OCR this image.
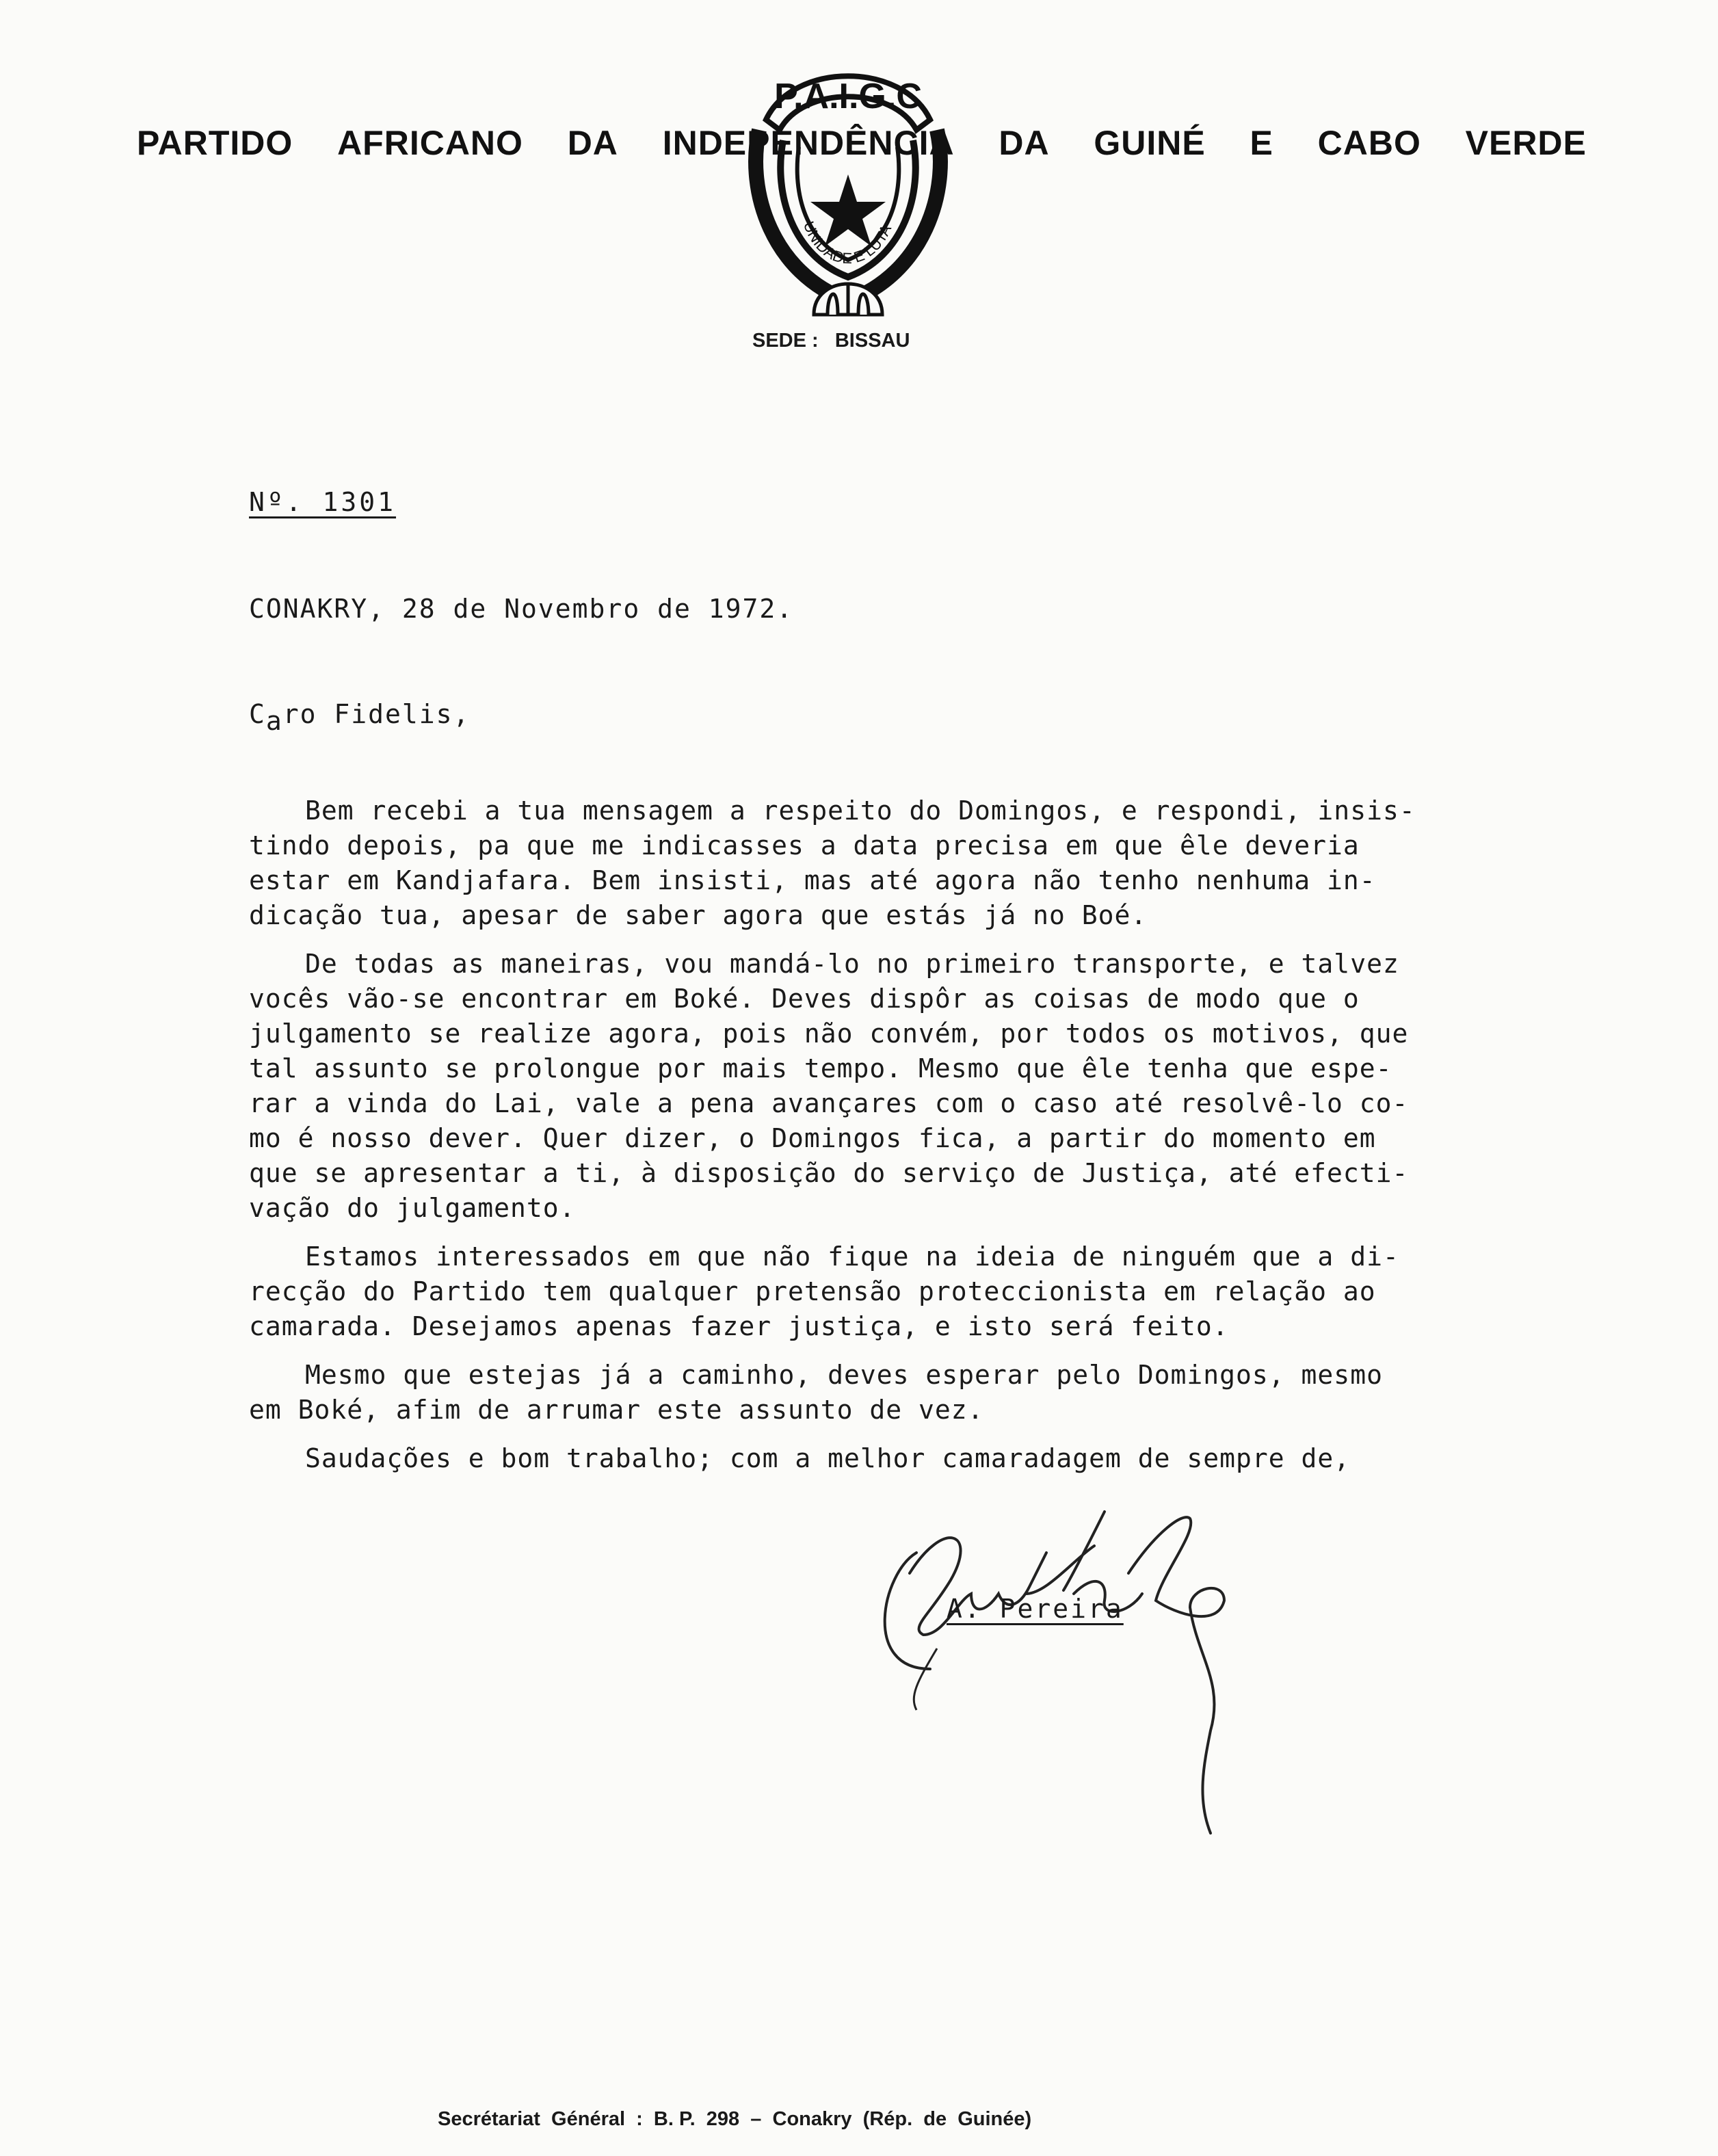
PARTIDO AFRICANO DA INDEPENDÊNCIA DA GUINÉ E CABO VERDE
P.A.I.G.C
UNIDADE E LUTA
SEDE :   BISSAU
Nº. 1301
CONAKRY, 28 de Novembro de 1972.
Caro Fidelis,

Bem recebi a tua mensagem a respeito do Domingos, e respondi, insis-
tindo depois, pa que me indicasses a data precisa em que êle deveria
estar em Kandjafara. Bem insisti, mas até agora não tenho nenhuma in-
dicação tua, apesar de saber agora que estás já no Boé.

De todas as maneiras, vou mandá-lo no primeiro transporte, e talvez
vocês vão-se encontrar em Boké. Deves dispôr as coisas de modo que o
julgamento se realize agora, pois não convém, por todos os motivos, que
tal assunto se prolongue por mais tempo. Mesmo que êle tenha que espe-
rar a vinda do Lai, vale a pena avançares com o caso até resolvê-lo co-
mo é nosso dever. Quer dizer, o Domingos fica, a partir do momento em
que se apresentar a ti, à disposição do serviço de Justiça, até efecti-
vação do julgamento.

Estamos interessados em que não fique na ideia de ninguém que a di-
recção do Partido tem qualquer pretensão proteccionista em relação ao
camarada. Desejamos apenas fazer justiça, e isto será feito.

Mesmo que estejas já a caminho, deves esperar pelo Domingos, mesmo
em Boké, afim de arrumar este assunto de vez.

Saudações e bom trabalho; com a melhor camaradagem de sempre de,

A. Pereira
Secrétariat  Général  :  B. P.  298  –  Conakry  (Rép.  de  Guinée)
